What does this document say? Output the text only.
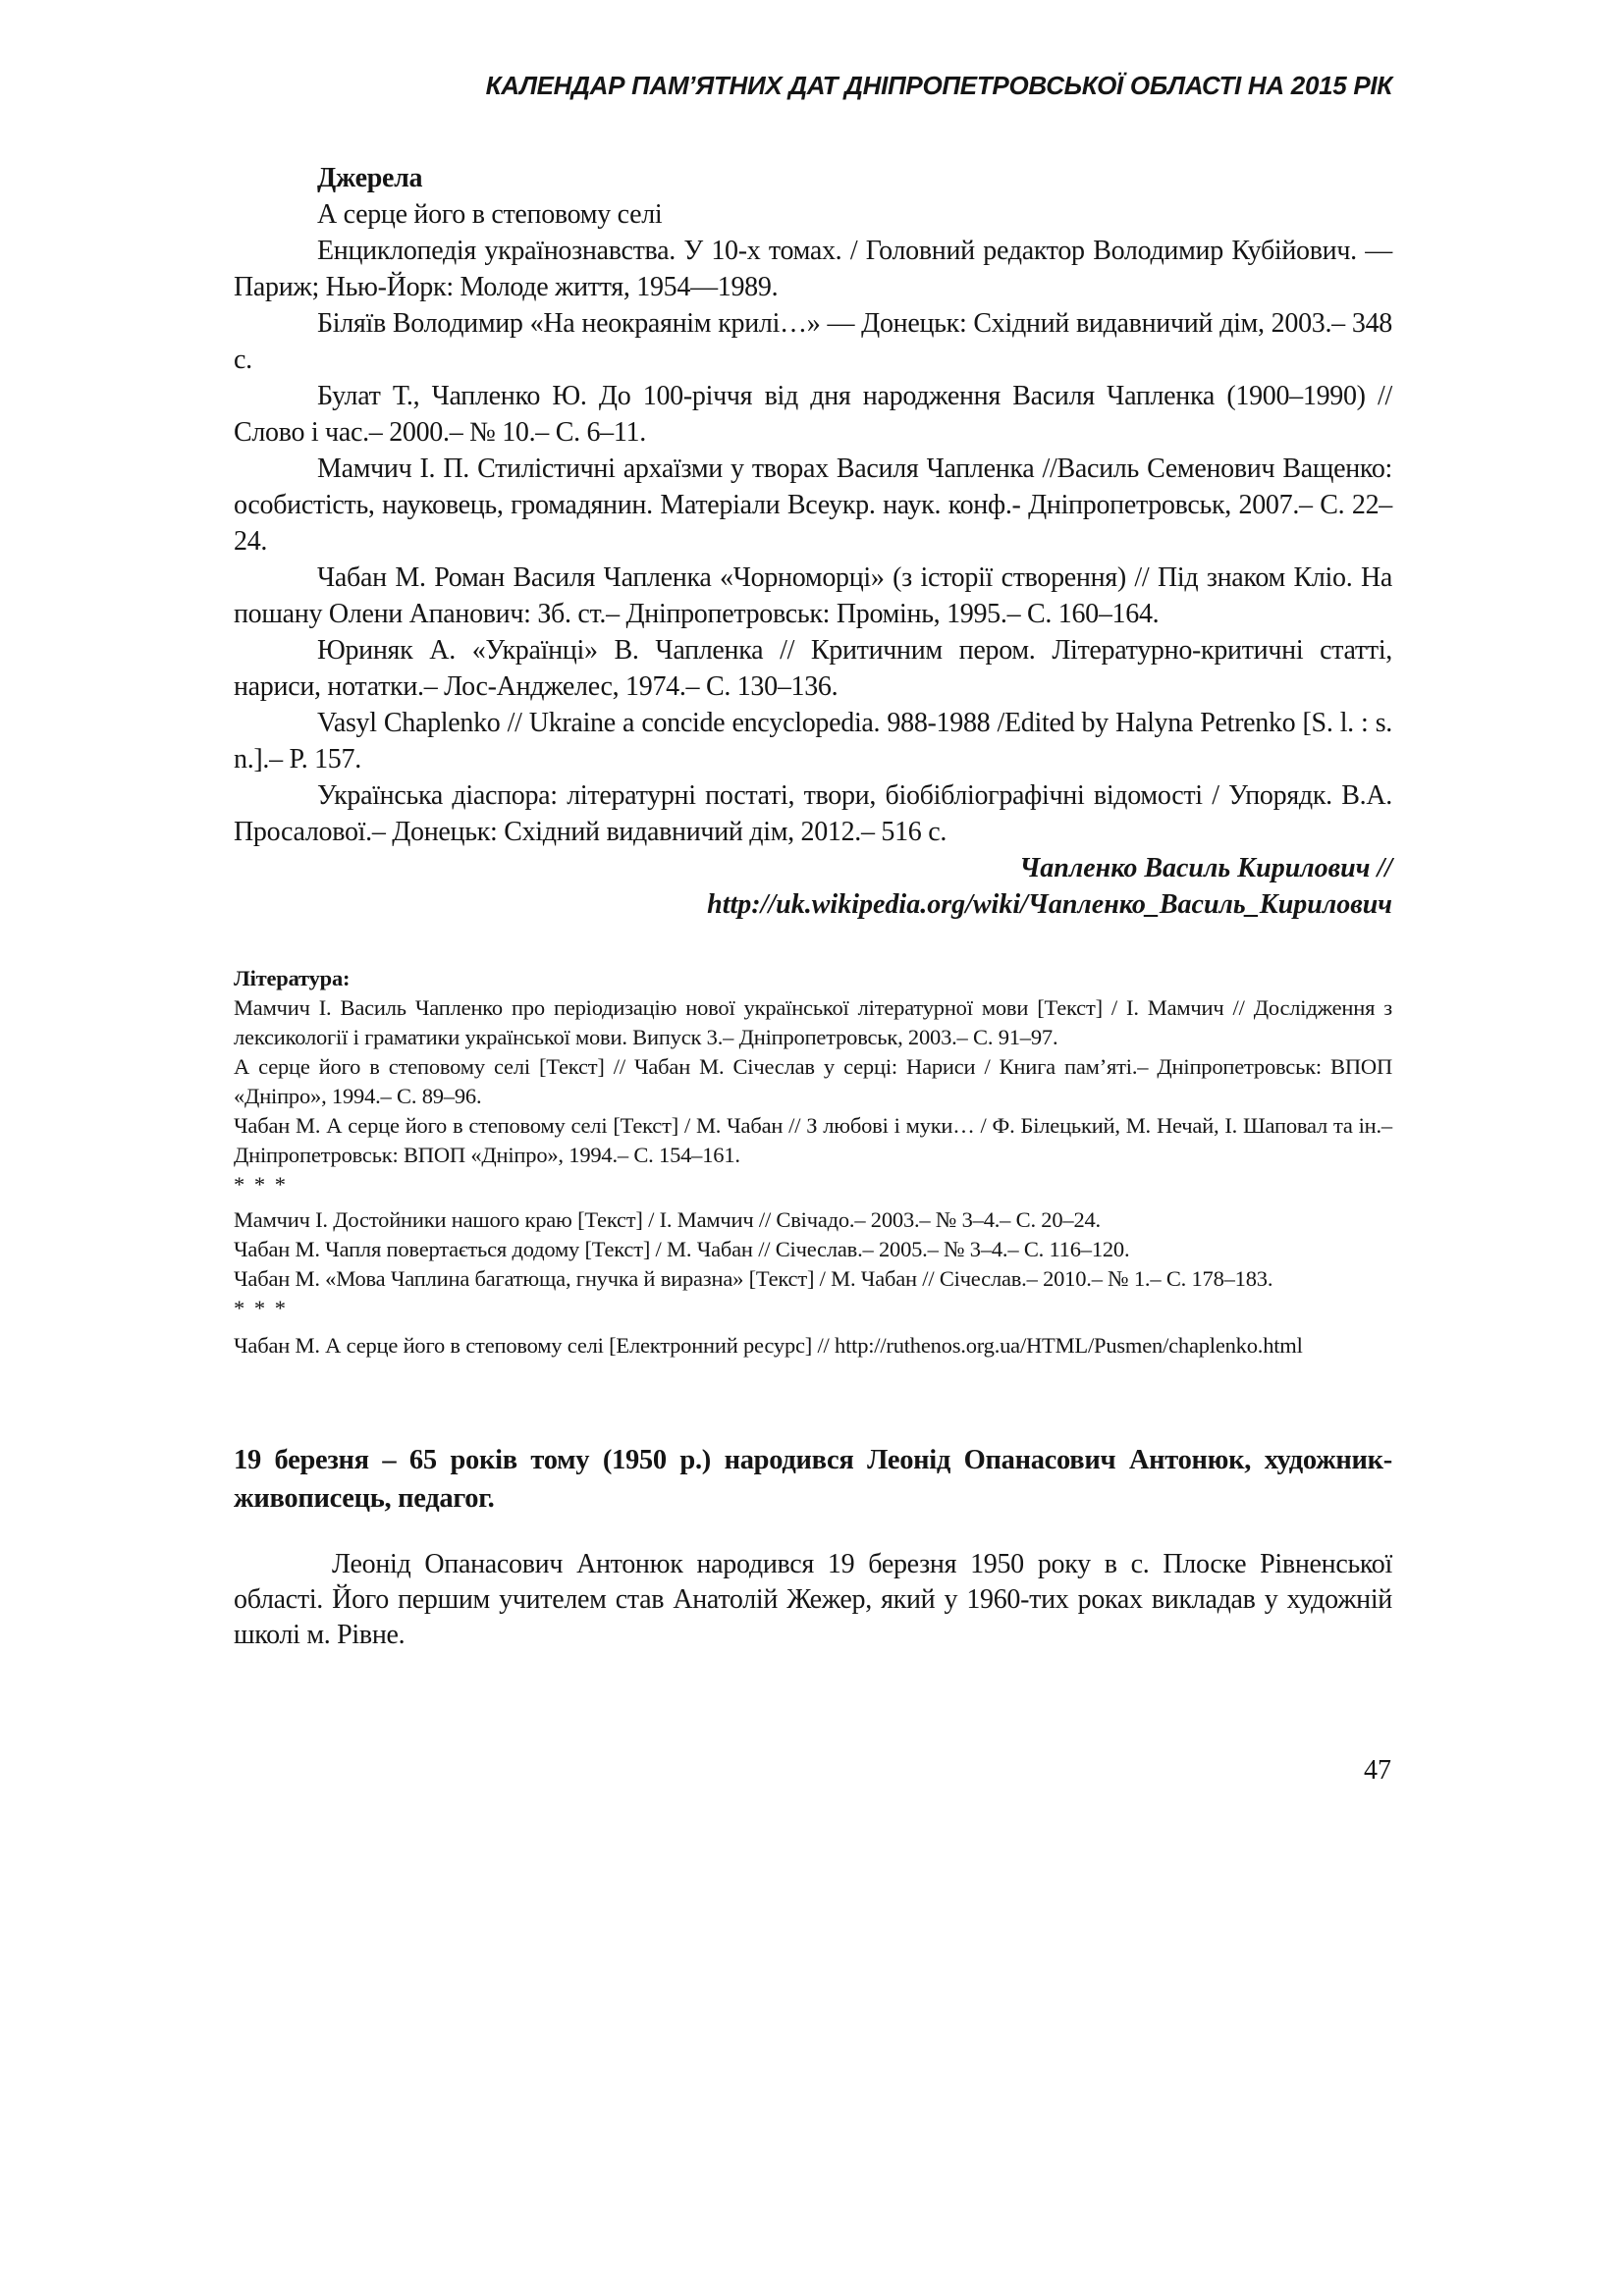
КАЛЕНДАР ПАМ’ЯТНИХ ДАТ ДНІПРОПЕТРОВСЬКОЇ ОБЛАСТІ НА 2015 РІК

Джерела

А серце його в степовому селі

Енциклопедія українознавства. У 10-х томах. / Головний редактор Володимир Кубійович. — Париж; Нью-Йорк: Молоде життя, 1954—1989.

Біляїв Володимир «На неокраянім крилі…» — Донецьк: Східний видавничий дім, 2003.– 348 с.

Булат Т., Чапленко Ю. До 100-річчя від дня народження Василя Чапленка (1900–1990) // Слово і час.– 2000.– № 10.– С. 6–11.

Мамчич І. П. Стилістичні архаїзми у творах Василя Чапленка //Василь Семенович Ващенко: особистість, науковець, громадянин. Матеріали Всеукр. наук. конф.- Дніпропетровськ, 2007.– С. 22–24.

Чабан М. Роман Василя Чапленка «Чорноморці» (з історії створення) // Під знаком Кліо. На пошану Олени Апанович: Зб. ст.– Дніпропетровськ: Промінь, 1995.– С. 160–164.

Юриняк А. «Українці» В. Чапленка // Критичним пером. Літературно-критичні статті, нариси, нотатки.– Лос-Анджелес, 1974.– С. 130–136.

Vasyl Chaplenko // Ukraine a concide encyclopedia. 988-1988 /Edited by Halyna Petrenko [S. l. : s. n.].– P. 157.

Українська діаспора: літературні постаті, твори, біобібліографічні відомості / Упорядк. В.А. Просалової.– Донецьк: Східний видавничий дім, 2012.– 516 с.

Чапленко Василь Кирилович //

http://uk.wikipedia.org/wiki/Чапленко_Василь_Кирилович

Література:

Мамчич І. Василь Чапленко про періодизацію нової української літературної мови [Текст] / І. Мамчич // Дослідження з лексикології і граматики української мови. Випуск 3.– Дніпропетровськ, 2003.– С. 91–97.

А серце його в степовому селі [Текст] // Чабан М. Січеслав у серці: Нариси / Книга пам’яті.– Дніпропетровськ: ВПОП «Дніпро», 1994.– С. 89–96.

Чабан М. А серце його в степовому селі [Текст] / М. Чабан // З любові і муки… / Ф. Білецький, М. Нечай, І. Шаповал та ін.– Дніпропетровськ: ВПОП «Дніпро», 1994.– С. 154–161.

* * *

Мамчич І. Достойники нашого краю [Текст] / І. Мамчич // Свічадо.– 2003.– № 3–4.– С. 20–24.

Чабан М. Чапля повертається додому [Текст] / М. Чабан // Січеслав.– 2005.– № 3–4.– С. 116–120.

Чабан М. «Мова Чаплина багатюща, гнучка й виразна» [Текст] / М. Чабан // Січеслав.– 2010.– № 1.– С. 178–183.

* * *

Чабан М. А серце його в степовому селі [Електронний ресурс] // http://ruthenos.org.ua/HTML/Pusmen/chaplenko.html

19 березня – 65 років тому (1950 р.) народився Леонід Опанасович Антонюк, художник-живописець, педагог.

Леонід Опанасович Антонюк народився 19 березня 1950 року в с. Плоске Рівненської області. Його першим учителем став Анатолій Жежер, який у 1960-тих роках викладав у художній школі м. Рівне.

47
